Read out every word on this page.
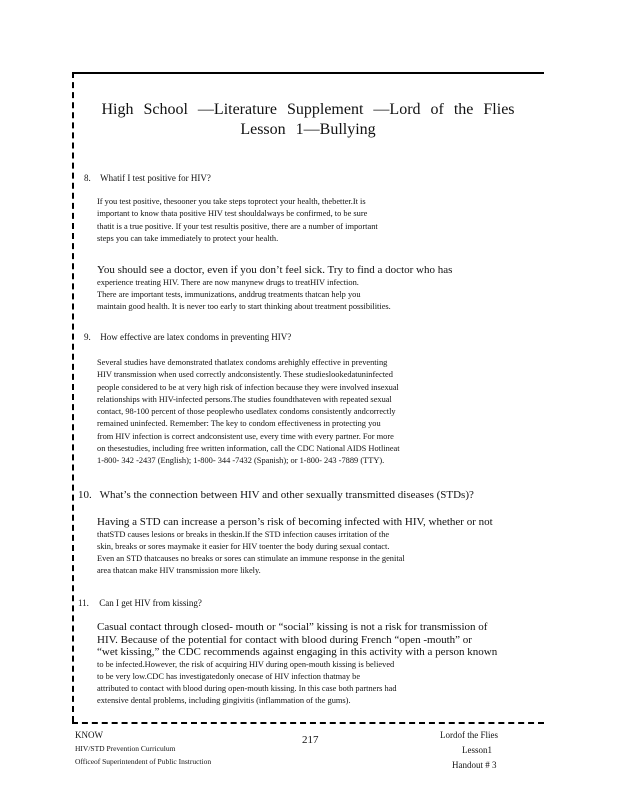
High School —Literature Supplement —Lord of the Flies
Lesson 1—Bullying
8. Whatif I test positive for HIV?
If you test positive, thesooner you take steps toprotect your health, thebetter.It is
important to know thata positive HIV test shouldalways be confirmed, to be sure
thatit is a true positive. If your test resultis positive, there are a number of important
steps you can take immediately to protect your health.
You should see a doctor, even if you don’t feel sick. Try to find a doctor who has
experience treating HIV. There are now manynew drugs to treatHIV infection.
There are important tests, immunizations, anddrug treatments thatcan help you
maintain good health. It is never too early to start thinking about treatment possibilities.
9. How effective are latex condoms in preventing HIV?
Several studies have demonstrated thatlatex condoms arehighly effective in preventing
HIV transmission when used correctly andconsistently. These studieslookedatuninfected
people considered to be at very high risk of infection because they were involved insexual
relationships with HIV-infected persons.The studies foundthateven with repeated sexual
contact, 98-100 percent of those peoplewho usedlatex condoms consistently andcorrectly
remained uninfected. Remember: The key to condom effectiveness in protecting you
from HIV infection is correct andconsistent use, every time with every partner. For more
on thesestudies, including free written information, call the CDC National AIDS Hotlineat
1-800- 342 -2437 (English); 1-800- 344 -7432 (Spanish); or 1-800- 243 -7889 (TTY).
10. What’s the connection between HIV and other sexually transmitted diseases (STDs)?
Having a STD can increase a person’s risk of becoming infected with HIV, whether or not
thatSTD causes lesions or breaks in theskin.If the STD infection causes irritation of the
skin, breaks or sores maymake it easier for HIV toenter the body during sexual contact.
Even an STD thatcauses no breaks or sores can stimulate an immune response in the genital
area thatcan make HIV transmission more likely.
11. Can I get HIV from kissing?
Casual contact through closed- mouth or “social” kissing is not a risk for transmission of
HIV. Because of the potential for contact with blood during French “open -mouth” or
“wet kissing,” the CDC recommends against engaging in this activity with a person known
to be infected.However, the risk of acquiring HIV during open-mouth kissing is believed
to be very low.CDC has investigatedonly onecase of HIV infection thatmay be
attributed to contact with blood during open-mouth kissing. In this case both partners had
extensive dental problems, including gingivitis (inflammation of the gums).
KNOW
HIV/STD Prevention Curriculum
Officeof Superintendent of Public Instruction
217	Lordof the Flies
Lesson1
Handout # 3
